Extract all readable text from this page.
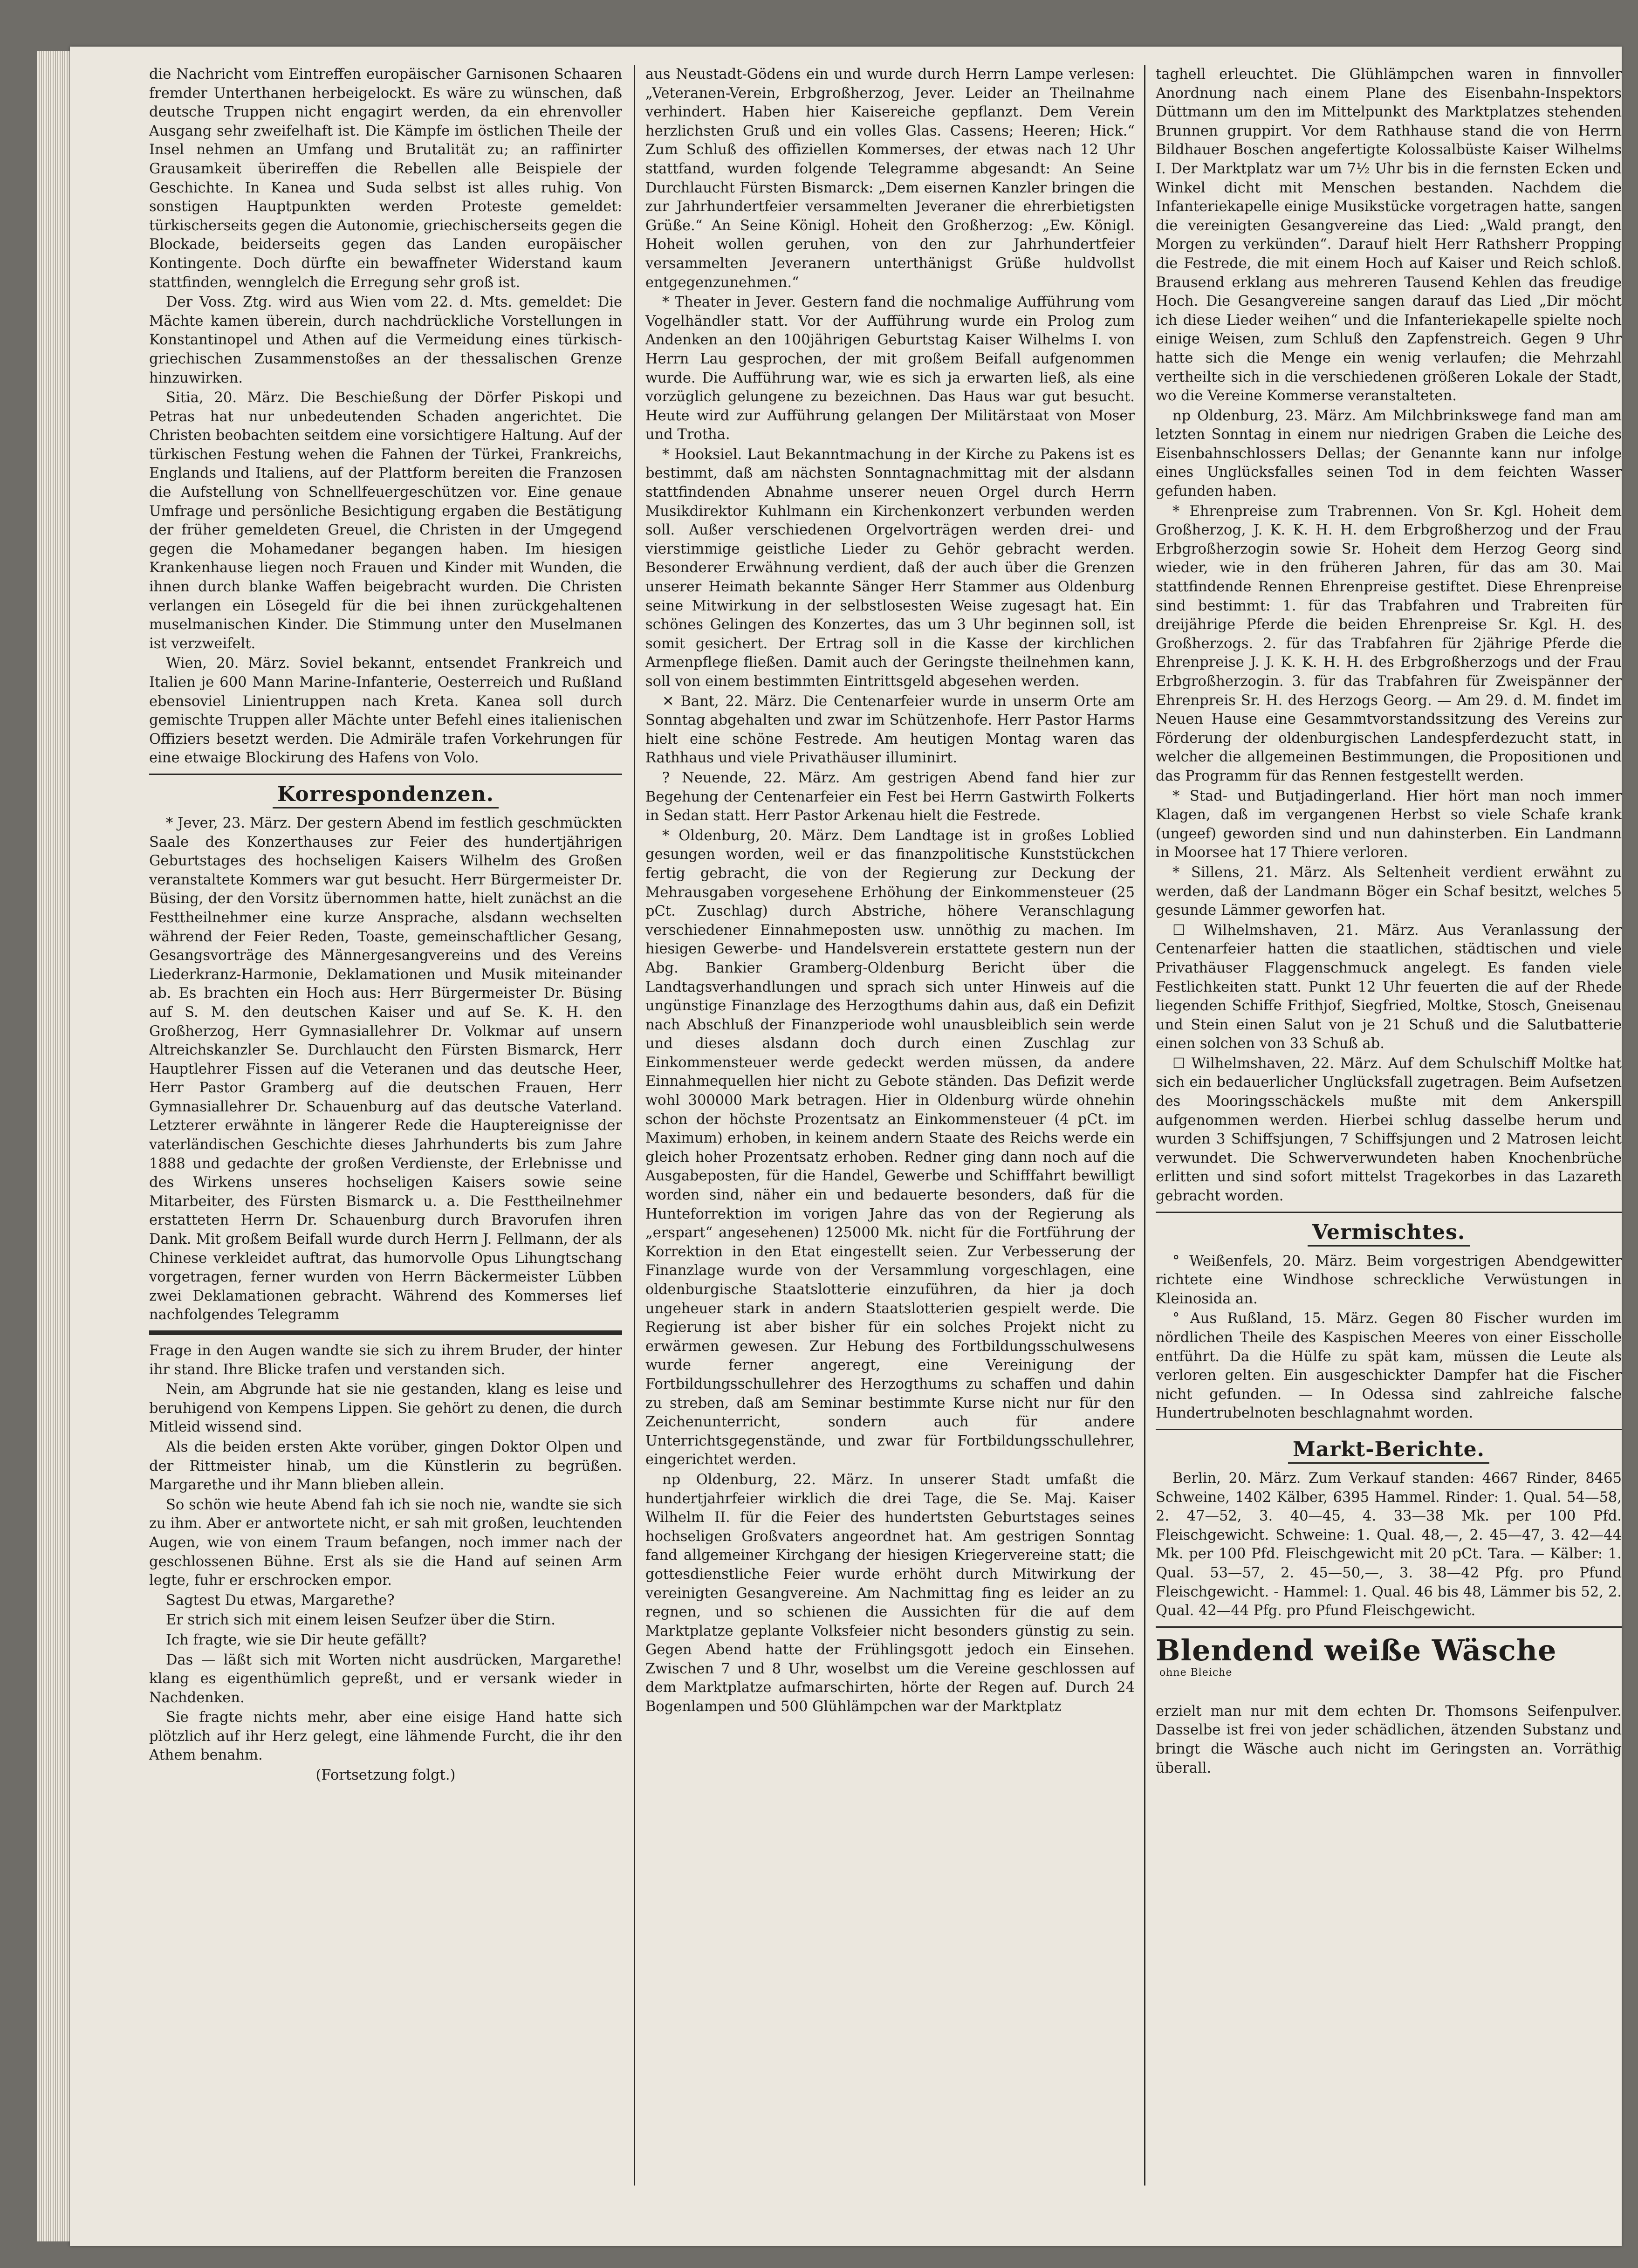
die Nachricht vom Eintreffen europäischer Garnisonen Schaaren fremder Unterthanen herbeigelockt. Es wäre zu wünschen, daß deutsche Truppen nicht engagirt werden, da ein ehrenvoller Ausgang sehr zweifelhaft ist. Die Kämpfe im östlichen Theile der Insel nehmen an Umfang und Brutalität zu; an raffinirter Grausamkeit überireffen die Rebellen alle Beispiele der Geschichte. In Kanea und Suda selbst ist alles ruhig. Von sonstigen Hauptpunkten werden Proteste gemeldet: türkischerseits gegen die Autonomie, griechischerseits gegen die Blockade, beiderseits gegen das Landen europäischer Kontingente. Doch dürfte ein bewaffneter Widerstand kaum stattfinden, wennglelch die Erregung sehr groß ist.

Der Voss. Ztg. wird aus Wien vom 22. d. Mts. gemeldet: Die Mächte kamen überein, durch nachdrückliche Vorstellungen in Konstantinopel und Athen auf die Vermeidung eines türkisch-griechischen Zusammenstoßes an der thessalischen Grenze hinzuwirken.

Sitia, 20. März. Die Beschießung der Dörfer Piskopi und Petras hat nur unbedeutenden Schaden angerichtet. Die Christen beobachten seitdem eine vorsichtigere Haltung. Auf der türkischen Festung wehen die Fahnen der Türkei, Frankreichs, Englands und Italiens, auf der Plattform bereiten die Franzosen die Aufstellung von Schnellfeuergeschützen vor. Eine genaue Umfrage und persönliche Besichtigung ergaben die Bestätigung der früher gemeldeten Greuel, die Christen in der Umgegend gegen die Mohamedaner begangen haben. Im hiesigen Krankenhause liegen noch Frauen und Kinder mit Wunden, die ihnen durch blanke Waffen beigebracht wurden. Die Christen verlangen ein Lösegeld für die bei ihnen zurückgehaltenen muselmanischen Kinder. Die Stimmung unter den Muselmanen ist verzweifelt.

Wien, 20. März. Soviel bekannt, entsendet Frankreich und Italien je 600 Mann Marine-Infanterie, Oesterreich und Rußland ebensoviel Linientruppen nach Kreta. Kanea soll durch gemischte Truppen aller Mächte unter Befehl eines italienischen Offiziers besetzt werden. Die Admiräle trafen Vorkehrungen für eine etwaige Blockirung des Hafens von Volo.

Korrespondenzen.

* Jever, 23. März. Der gestern Abend im festlich geschmückten Saale des Konzerthauses zur Feier des hundertjährigen Geburtstages des hochseligen Kaisers Wilhelm des Großen veranstaltete Kommers war gut besucht. Herr Bürgermeister Dr. Büsing, der den Vorsitz übernommen hatte, hielt zunächst an die Festtheilnehmer eine kurze Ansprache, alsdann wechselten während der Feier Reden, Toaste, gemeinschaftlicher Gesang, Gesangsvorträge des Männergesangvereins und des Vereins Liederkranz-Harmonie, Deklamationen und Musik miteinander ab. Es brachten ein Hoch aus: Herr Bürgermeister Dr. Büsing auf S. M. den deutschen Kaiser und auf Se. K. H. den Großherzog, Herr Gymnasiallehrer Dr. Volkmar auf unsern Altreichskanzler Se. Durchlaucht den Fürsten Bismarck, Herr Hauptlehrer Fissen auf die Veteranen und das deutsche Heer, Herr Pastor Gramberg auf die deutschen Frauen, Herr Gymnasiallehrer Dr. Schauenburg auf das deutsche Vaterland. Letzterer erwähnte in längerer Rede die Hauptereignisse der vaterländischen Geschichte dieses Jahrhunderts bis zum Jahre 1888 und gedachte der großen Verdienste, der Erlebnisse und des Wirkens unseres hochseligen Kaisers sowie seine Mitarbeiter, des Fürsten Bismarck u. a. Die Festtheilnehmer erstatteten Herrn Dr. Schauenburg durch Bravorufen ihren Dank. Mit großem Beifall wurde durch Herrn J. Fellmann, der als Chinese verkleidet auftrat, das humorvolle Opus Lihungtschang vorgetragen, ferner wurden von Herrn Bäckermeister Lübben zwei Deklamationen gebracht. Während des Kommerses lief nachfolgendes Telegramm

Frage in den Augen wandte sie sich zu ihrem Bruder, der hinter ihr stand. Ihre Blicke trafen und verstanden sich.

Nein, am Abgrunde hat sie nie gestanden, klang es leise und beruhigend von Kempens Lippen. Sie gehört zu denen, die durch Mitleid wissend sind.

Als die beiden ersten Akte vorüber, gingen Doktor Olpen und der Rittmeister hinab, um die Künstlerin zu begrüßen. Margarethe und ihr Mann blieben allein.

So schön wie heute Abend fah ich sie noch nie, wandte sie sich zu ihm. Aber er antwortete nicht, er sah mit großen, leuchtenden Augen, wie von einem Traum befangen, noch immer nach der geschlossenen Bühne. Erst als sie die Hand auf seinen Arm legte, fuhr er erschrocken empor.

Sagtest Du etwas, Margarethe?

Er strich sich mit einem leisen Seufzer über die Stirn.

Ich fragte, wie sie Dir heute gefällt?

Das — läßt sich mit Worten nicht ausdrücken, Margarethe! klang es eigenthümlich gepreßt, und er versank wieder in Nachdenken.

Sie fragte nichts mehr, aber eine eisige Hand hatte sich plötzlich auf ihr Herz gelegt, eine lähmende Furcht, die ihr den Athem benahm.

(Fortsetzung folgt.)

aus Neustadt-Gödens ein und wurde durch Herrn Lampe verlesen: „Veteranen-Verein, Erbgroßherzog, Jever. Leider an Theilnahme verhindert. Haben hier Kaisereiche gepflanzt. Dem Verein herzlichsten Gruß und ein volles Glas. Cassens; Heeren; Hick.“ Zum Schluß des offiziellen Kommerses, der etwas nach 12 Uhr stattfand, wurden folgende Telegramme abgesandt: An Seine Durchlaucht Fürsten Bismarck: „Dem eisernen Kanzler bringen die zur Jahrhundertfeier versammelten Jeveraner die ehrerbietigsten Grüße.“ An Seine Königl. Hoheit den Großherzog: „Ew. Königl. Hoheit wollen geruhen, von den zur Jahrhundertfeier versammelten Jeveranern unterthänigst Grüße huldvollst entgegenzunehmen.“

* Theater in Jever. Gestern fand die nochmalige Aufführung vom Vogelhändler statt. Vor der Aufführung wurde ein Prolog zum Andenken an den 100jährigen Geburtstag Kaiser Wilhelms I. von Herrn Lau gesprochen, der mit großem Beifall aufgenommen wurde. Die Aufführung war, wie es sich ja erwarten ließ, als eine vorzüglich gelungene zu bezeichnen. Das Haus war gut besucht. Heute wird zur Aufführung gelangen Der Militärstaat von Moser und Trotha.

* Hooksiel. Laut Bekanntmachung in der Kirche zu Pakens ist es bestimmt, daß am nächsten Sonntagnachmittag mit der alsdann stattfindenden Abnahme unserer neuen Orgel durch Herrn Musikdirektor Kuhlmann ein Kirchenkonzert verbunden werden soll. Außer verschiedenen Orgelvorträgen werden drei- und vierstimmige geistliche Lieder zu Gehör gebracht werden. Besonderer Erwähnung verdient, daß der auch über die Grenzen unserer Heimath bekannte Sänger Herr Stammer aus Oldenburg seine Mitwirkung in der selbstlosesten Weise zugesagt hat. Ein schönes Gelingen des Konzertes, das um 3 Uhr beginnen soll, ist somit gesichert. Der Ertrag soll in die Kasse der kirchlichen Armenpflege fließen. Damit auch der Geringste theilnehmen kann, soll von einem bestimmten Eintrittsgeld abgesehen werden.

✕ Bant, 22. März. Die Centenarfeier wurde in unserm Orte am Sonntag abgehalten und zwar im Schützenhofe. Herr Pastor Harms hielt eine schöne Festrede. Am heutigen Montag waren das Rathhaus und viele Privathäuser illuminirt.

? Neuende, 22. März. Am gestrigen Abend fand hier zur Begehung der Centenarfeier ein Fest bei Herrn Gastwirth Folkerts in Sedan statt. Herr Pastor Arkenau hielt die Festrede.

* Oldenburg, 20. März. Dem Landtage ist in großes Loblied gesungen worden, weil er das finanzpolitische Kunststückchen fertig gebracht, die von der Regierung zur Deckung der Mehrausgaben vorgesehene Erhöhung der Einkommensteuer (25 pCt. Zuschlag) durch Abstriche, höhere Veranschlagung verschiedener Einnahmeposten usw. unnöthig zu machen. Im hiesigen Gewerbe- und Handelsverein erstattete gestern nun der Abg. Bankier Gramberg-Oldenburg Bericht über die Landtagsverhandlungen und sprach sich unter Hinweis auf die ungünstige Finanzlage des Herzogthums dahin aus, daß ein Defizit nach Abschluß der Finanzperiode wohl unausbleiblich sein werde und dieses alsdann doch durch einen Zuschlag zur Einkommensteuer werde gedeckt werden müssen, da andere Einnahmequellen hier nicht zu Gebote ständen. Das Defizit werde wohl 300000 Mark betragen. Hier in Oldenburg würde ohnehin schon der höchste Prozentsatz an Einkommensteuer (4 pCt. im Maximum) erhoben, in keinem andern Staate des Reichs werde ein gleich hoher Prozentsatz erhoben. Redner ging dann noch auf die Ausgabeposten, für die Handel, Gewerbe und Schifffahrt bewilligt worden sind, näher ein und bedauerte besonders, daß für die Hunteforrektion im vorigen Jahre das von der Regierung als „erspart“ angesehenen) 125000 Mk. nicht für die Fortführung der Korrektion in den Etat eingestellt seien. Zur Verbesserung der Finanzlage wurde von der Versammlung vorgeschlagen, eine oldenburgische Staatslotterie einzuführen, da hier ja doch ungeheuer stark in andern Staatslotterien gespielt werde. Die Regierung ist aber bisher für ein solches Projekt nicht zu erwärmen gewesen. Zur Hebung des Fortbildungsschulwesens wurde ferner angeregt, eine Vereinigung der Fortbildungsschullehrer des Herzogthums zu schaffen und dahin zu streben, daß am Seminar bestimmte Kurse nicht nur für den Zeichenunterricht, sondern auch für andere Unterrichtsgegenstände, und zwar für Fortbildungsschullehrer, eingerichtet werden.

np Oldenburg, 22. März. In unserer Stadt umfaßt die hundertjahrfeier wirklich die drei Tage, die Se. Maj. Kaiser Wilhelm II. für die Feier des hundertsten Geburtstages seines hochseligen Großvaters angeordnet hat. Am gestrigen Sonntag fand allgemeiner Kirchgang der hiesigen Kriegervereine statt; die gottesdienstliche Feier wurde erhöht durch Mitwirkung der vereinigten Gesangvereine. Am Nachmittag fing es leider an zu regnen, und so schienen die Aussichten für die auf dem Marktplatze geplante Volksfeier nicht besonders günstig zu sein. Gegen Abend hatte der Frühlingsgott jedoch ein Einsehen. Zwischen 7 und 8 Uhr, woselbst um die Vereine geschlossen auf dem Marktplatze aufmarschirten, hörte der Regen auf. Durch 24 Bogenlampen und 500 Glühlämpchen war der Marktplatz

taghell erleuchtet. Die Glühlämpchen waren in finnvoller Anordnung nach einem Plane des Eisenbahn-Inspektors Düttmann um den im Mittelpunkt des Marktplatzes stehenden Brunnen gruppirt. Vor dem Rathhause stand die von Herrn Bildhauer Boschen angefertigte Kolossalbüste Kaiser Wilhelms I. Der Marktplatz war um 7½ Uhr bis in die fernsten Ecken und Winkel dicht mit Menschen bestanden. Nachdem die Infanteriekapelle einige Musikstücke vorgetragen hatte, sangen die vereinigten Gesangvereine das Lied: „Wald prangt, den Morgen zu verkünden“. Darauf hielt Herr Rathsherr Propping die Festrede, die mit einem Hoch auf Kaiser und Reich schloß. Brausend erklang aus mehreren Tausend Kehlen das freudige Hoch. Die Gesangvereine sangen darauf das Lied „Dir möcht ich diese Lieder weihen“ und die Infanteriekapelle spielte noch einige Weisen, zum Schluß den Zapfenstreich. Gegen 9 Uhr hatte sich die Menge ein wenig verlaufen; die Mehrzahl vertheilte sich in die verschiedenen größeren Lokale der Stadt, wo die Vereine Kommerse veranstalteten.

np Oldenburg, 23. März. Am Milchbrinkswege fand man am letzten Sonntag in einem nur niedrigen Graben die Leiche des Eisenbahnschlossers Dellas; der Genannte kann nur infolge eines Unglücksfalles seinen Tod in dem feichten Wasser gefunden haben.

* Ehrenpreise zum Trabrennen. Von Sr. Kgl. Hoheit dem Großherzog, J. K. K. H. H. dem Erbgroßherzog und der Frau Erbgroßherzogin sowie Sr. Hoheit dem Herzog Georg sind wieder, wie in den früheren Jahren, für das am 30. Mai stattfindende Rennen Ehrenpreise gestiftet. Diese Ehrenpreise sind bestimmt: 1. für das Trabfahren und Trabreiten für dreijährige Pferde die beiden Ehrenpreise Sr. Kgl. H. des Großherzogs. 2. für das Trabfahren für 2jährige Pferde die Ehrenpreise J. J. K. K. H. H. des Erbgroßherzogs und der Frau Erbgroßherzogin. 3. für das Trabfahren für Zweispänner der Ehrenpreis Sr. H. des Herzogs Georg. — Am 29. d. M. findet im Neuen Hause eine Gesammtvorstandssitzung des Vereins zur Förderung der oldenburgischen Landespferdezucht statt, in welcher die allgemeinen Bestimmungen, die Propositionen und das Programm für das Rennen festgestellt werden.

* Stad- und Butjadingerland. Hier hört man noch immer Klagen, daß im vergangenen Herbst so viele Schafe krank (ungeef) geworden sind und nun dahinsterben. Ein Landmann in Moorsee hat 17 Thiere verloren.

* Sillens, 21. März. Als Seltenheit verdient erwähnt zu werden, daß der Landmann Böger ein Schaf besitzt, welches 5 gesunde Lämmer geworfen hat.

☐ Wilhelmshaven, 21. März. Aus Veranlassung der Centenarfeier hatten die staatlichen, städtischen und viele Privathäuser Flaggenschmuck angelegt. Es fanden viele Festlichkeiten statt. Punkt 12 Uhr feuerten die auf der Rhede liegenden Schiffe Frithjof, Siegfried, Moltke, Stosch, Gneisenau und Stein einen Salut von je 21 Schuß und die Salutbatterie einen solchen von 33 Schuß ab.

☐ Wilhelmshaven, 22. März. Auf dem Schulschiff Moltke hat sich ein bedauerlicher Unglücksfall zugetragen. Beim Aufsetzen des Mooringsschäckels mußte mit dem Ankerspill aufgenommen werden. Hierbei schlug dasselbe herum und wurden 3 Schiffsjungen, 7 Schiffsjungen und 2 Matrosen leicht verwundet. Die Schwerverwundeten haben Knochenbrüche erlitten und sind sofort mittelst Tragekorbes in das Lazareth gebracht worden.

Vermischtes.

° Weißenfels, 20. März. Beim vorgestrigen Abendgewitter richtete eine Windhose schreckliche Verwüstungen in Kleinosida an.

° Aus Rußland, 15. März. Gegen 80 Fischer wurden im nördlichen Theile des Kaspischen Meeres von einer Eisscholle entführt. Da die Hülfe zu spät kam, müssen die Leute als verloren gelten. Ein ausgeschickter Dampfer hat die Fischer nicht gefunden. — In Odessa sind zahlreiche falsche Hundertrubelnoten beschlagnahmt worden.

Markt-Berichte.

Berlin, 20. März. Zum Verkauf standen: 4667 Rinder, 8465 Schweine, 1402 Kälber, 6395 Hammel. Rinder: 1. Qual. 54—58, 2. 47—52, 3. 40—45, 4. 33—38 Mk. per 100 Pfd. Fleischgewicht. Schweine: 1. Qual. 48,—, 2. 45—47, 3. 42—44 Mk. per 100 Pfd. Fleischgewicht mit 20 pCt. Tara. — Kälber: 1. Qual. 53—57, 2. 45—50,—, 3. 38—42 Pfg. pro Pfund Fleischgewicht. - Hammel: 1. Qual. 46 bis 48, Lämmer bis 52, 2. Qual. 42—44 Pfg. pro Pfund Fleischgewicht.

Blendend weiße Wäscheohne Bleiche
erzielt man nur mit dem echten Dr. Thomsons Seifenpulver. Dasselbe ist frei von jeder schädlichen, ätzenden Substanz und bringt die Wäsche auch nicht im Geringsten an. Vorräthig überall.
